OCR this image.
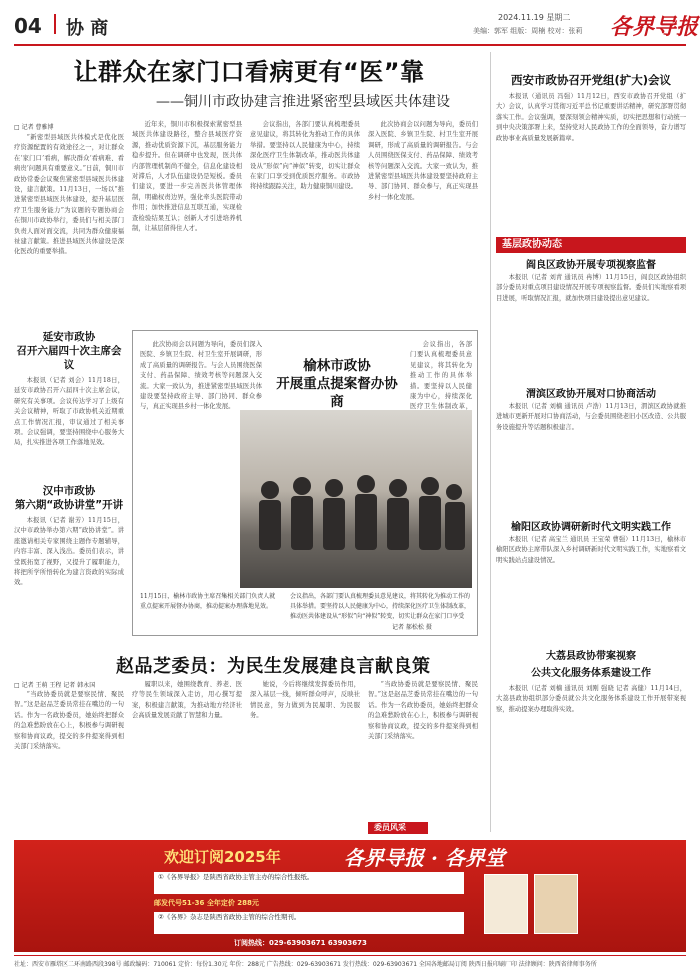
04 协 商
2024.11.19 星期二
美编：郭军 组版：周楠 校对：张莉 各界导报
让群众在家门口看病更有“医”靠
——铜川市政协建言推进紧密型县域医共体建设
□ 记者 曹雅博

“新密型县域医共体模式是优化医疗资源配置的有效途径之一，对让群众在‘家门口’看病，解决群众‘看病难、看病贵’问题具有重要意义。”日前，铜川市政协常委会议聚焦紧密型县域医共体建设，建言献策。11月13日，一场以“推进紧密型县域医共体建设，提升基层医疗卫生服务能力”为议题的专题协商会在铜川市政协举行，委员们与相关部门负责人面对面交流，共同为群众健康福祉建言献策。推进县域医共体建设是深化医改的重要举措。

近年来，铜川市积极探索紧密型县域医共体建设路径，整合县域医疗资源，推动优质资源下沉，基层服务能力稳步提升。但在调研中也发现，医共体内部管理机制尚不健全，信息化建设相对滞后，人才队伍建设仍是短板。委员们建议，要进一步完善医共体管理体制，明确权责边界，强化牵头医院带动作用；加快推进信息互联互通，实现检查检验结果互认；创新人才引进培养机制，让基层留得住人才。

会议指出，各部门要认真梳理委员意见建议，将其转化为推动工作的具体举措。要坚持以人民健康为中心，持续深化医疗卫生体制改革，推动医共体建设从“形似”向“神似”转变，切实让群众在家门口享受到优质医疗服务。市政协将持续跟踪关注，助力健康铜川建设。

此次协商会以问题为导向，委员们深入医院、乡镇卫生院、村卫生室开展调研，形成了高质量的调研报告。与会人员围绕医保支付、药品保障、绩效考核等问题深入交流。大家一致认为，推进紧密型县域医共体建设要坚持政府主导、部门协同、群众参与，真正实现县乡村一体化发展。

延安市政协
召开六届四十次主席会议

本报讯（记者 刘会）11月18日，延安市政协召开六届四十次主席会议，研究有关事项。会议传达学习了上级有关会议精神，听取了市政协机关近期重点工作情况汇报，审议通过了相关事项。会议强调，要坚持围绕中心服务大局，扎实推进各项工作落地见效。

汉中市政协
第六期“政协讲堂”开讲

本报讯（记者 谢芳）11月15日，汉中市政协举办第六期“政协讲堂”。讲座邀请相关专家围绕主题作专题辅导，内容丰富、深入浅出。委员们表示，讲堂既拓宽了视野，又提升了履职能力，将把所学所悟转化为建言资政的实际成效。

榆林市政协
开展重点提案督办协商

此次协商会以问题为导向，委员们深入医院、乡镇卫生院、村卫生室开展调研，形成了高质量的调研报告。与会人员围绕医保支付、药品保障、绩效考核等问题深入交流。大家一致认为，推进紧密型县域医共体建设要坚持政府主导、部门协同、群众参与，真正实现县乡村一体化发展。

会议指出，各部门要认真梳理委员意见建议，将其转化为推动工作的具体举措。要坚持以人民健康为中心，持续深化医疗卫生体制改革，

11月15日，榆林市政协主席召集相关部门负责人就重点提案开展督办协商，推动提案办理落地见效。
会议指出，各部门要认真梳理委员意见建议，将其转化为推动工作的具体举措。要坚持以人民健康为中心，持续深化医疗卫生体制改革，推动医共体建设从“形似”向“神似”转变，切实让群众在家门口享受
记者 郝松松 摄
赵品芝委员：为民生发展建良言献良策
□ 记者 王萌 王程 记者 韩永国

“当政协委员就是要察民情、聚民智。”这是赵品芝委员常挂在嘴边的一句话。作为一名政协委员，她始终把群众的急难愁盼放在心上，积极参与调研视察和协商议政，提交的多件提案得到相关部门采纳落实。

履职以来，她围绕教育、养老、医疗等民生领域深入走访，用心撰写提案，积极建言献策，为推动地方经济社会高质量发展贡献了智慧和力量。

她说，今后将继续发挥委员作用，深入基层一线，倾听群众呼声，反映社情民意，努力做到为民履职、为民服务。

“当政协委员就是要察民情、聚民智。”这是赵品芝委员常挂在嘴边的一句话。作为一名政协委员，她始终把群众的急难愁盼放在心上，积极参与调研视察和协商议政，提交的多件提案得到相关部门采纳落实。

委员风采
西安市政协召开党组(扩大)会议

本报讯（通讯员 冯强）11月12日，西安市政协召开党组（扩大）会议，认真学习贯彻习近平总书记重要讲话精神，研究部署贯彻落实工作。会议强调，要深刻领会精神实质，切实把思想和行动统一到中央决策部署上来，坚持党对人民政协工作的全面领导，奋力谱写政协事业高质量发展新篇章。

基层政协动态
阎良区政协开展专项视察监督

本报讯（记者 刘青 通讯员 冉博）11月15日，阎良区政协组织部分委员对重点项目建设情况开展专项视察监督。委员们实地察看项目进展，听取情况汇报，就加快项目建设提出意见建议。

渭滨区政协开展对口协商活动

本报讯（记者 刘楠 通讯员 卢浩）11月13日，渭滨区政协就推进城市更新开展对口协商活动，与会委员围绕老旧小区改造、公共服务设施提升等话题积极建言。

榆阳区政协调研新时代文明实践工作

本报讯（记者 高宝兰 通讯员 王宝荣 曹强）11月13日，榆林市榆阳区政协主席带队深入乡村调研新时代文明实践工作，实地察看文明实践站点建设情况。

大荔县政协带案视察
公共文化服务体系建设工作

本报讯（记者 刘楠 通讯员 刘刚 强晓 记者 高健）11月14日，大荔县政协组织部分委员就公共文化服务体系建设工作开展带案视察，推动提案办理取得实效。

欢迎订阅2025年	各界导报 · 各界堂
①《各界导报》是陕西省政协主管主办的综合性报纸。
邮发代号51-36 全年定价 288元
②《各界》杂志是陕西省政协主管的综合性期刊。
订阅热线：029-63903671 63903673
社址：西安市雁塔区二环南路西段398号 邮政编码：710061 定价：每份1.30元 年价：288元 广告热线：029-63903671 发行热线：029-63903671 全国各地邮局订阅 陕西日报印刷厂印 法律顾问：陕西省律师事务所
